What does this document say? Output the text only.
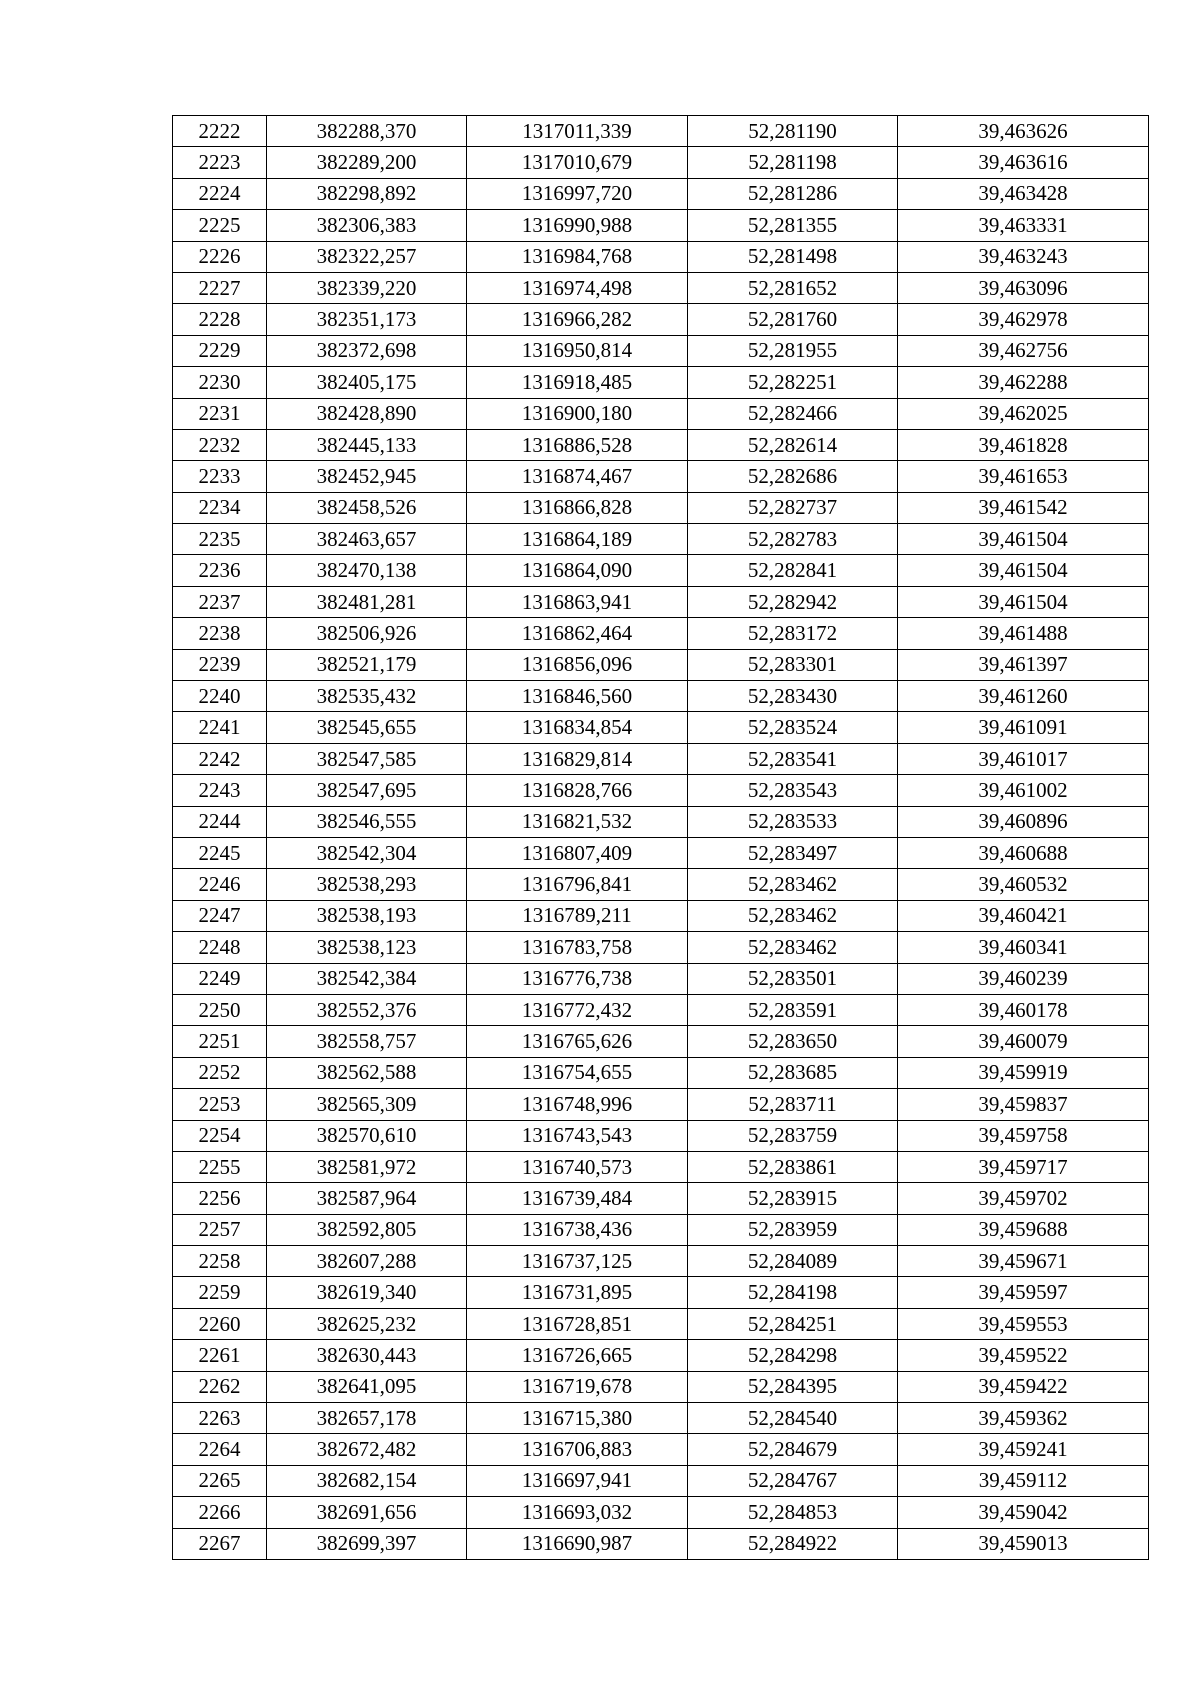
2222	382288,370	1317011,339	52,281190	39,463626
2223	382289,200	1317010,679	52,281198	39,463616
2224	382298,892	1316997,720	52,281286	39,463428
2225	382306,383	1316990,988	52,281355	39,463331
2226	382322,257	1316984,768	52,281498	39,463243
2227	382339,220	1316974,498	52,281652	39,463096
2228	382351,173	1316966,282	52,281760	39,462978
2229	382372,698	1316950,814	52,281955	39,462756
2230	382405,175	1316918,485	52,282251	39,462288
2231	382428,890	1316900,180	52,282466	39,462025
2232	382445,133	1316886,528	52,282614	39,461828
2233	382452,945	1316874,467	52,282686	39,461653
2234	382458,526	1316866,828	52,282737	39,461542
2235	382463,657	1316864,189	52,282783	39,461504
2236	382470,138	1316864,090	52,282841	39,461504
2237	382481,281	1316863,941	52,282942	39,461504
2238	382506,926	1316862,464	52,283172	39,461488
2239	382521,179	1316856,096	52,283301	39,461397
2240	382535,432	1316846,560	52,283430	39,461260
2241	382545,655	1316834,854	52,283524	39,461091
2242	382547,585	1316829,814	52,283541	39,461017
2243	382547,695	1316828,766	52,283543	39,461002
2244	382546,555	1316821,532	52,283533	39,460896
2245	382542,304	1316807,409	52,283497	39,460688
2246	382538,293	1316796,841	52,283462	39,460532
2247	382538,193	1316789,211	52,283462	39,460421
2248	382538,123	1316783,758	52,283462	39,460341
2249	382542,384	1316776,738	52,283501	39,460239
2250	382552,376	1316772,432	52,283591	39,460178
2251	382558,757	1316765,626	52,283650	39,460079
2252	382562,588	1316754,655	52,283685	39,459919
2253	382565,309	1316748,996	52,283711	39,459837
2254	382570,610	1316743,543	52,283759	39,459758
2255	382581,972	1316740,573	52,283861	39,459717
2256	382587,964	1316739,484	52,283915	39,459702
2257	382592,805	1316738,436	52,283959	39,459688
2258	382607,288	1316737,125	52,284089	39,459671
2259	382619,340	1316731,895	52,284198	39,459597
2260	382625,232	1316728,851	52,284251	39,459553
2261	382630,443	1316726,665	52,284298	39,459522
2262	382641,095	1316719,678	52,284395	39,459422
2263	382657,178	1316715,380	52,284540	39,459362
2264	382672,482	1316706,883	52,284679	39,459241
2265	382682,154	1316697,941	52,284767	39,459112
2266	382691,656	1316693,032	52,284853	39,459042
2267	382699,397	1316690,987	52,284922	39,459013
